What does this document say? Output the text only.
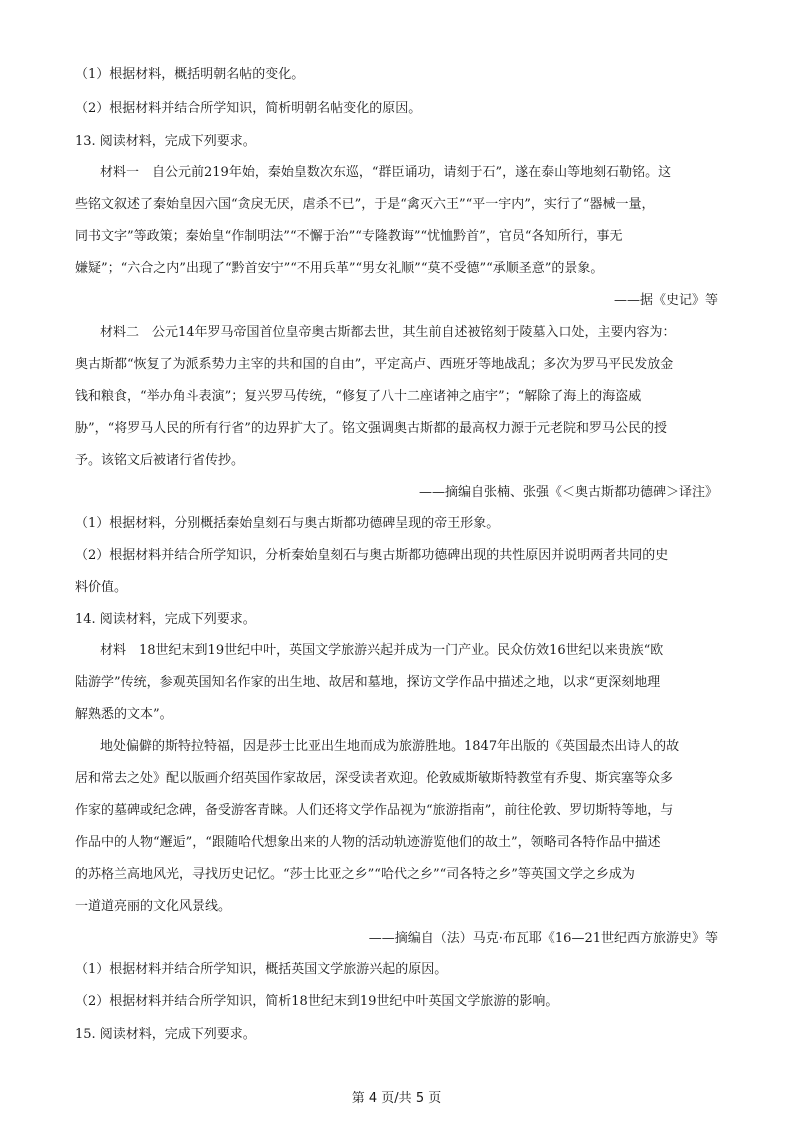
（1）根据材料，概括明朝名帖的变化。
（2）根据材料并结合所学知识，简析明朝名帖变化的原因。
13. 阅读材料，完成下列要求。
材料一　自公元前219年始，秦始皇数次东巡，“群臣诵功，请刻于石”，遂在泰山等地刻石勒铭。这
些铭文叙述了秦始皇因六国“贪戾无厌，虐杀不已”，于是“禽灭六王”“平一宇内”，实行了“器械一量，
同书文字”等政策；秦始皇“作制明法”“不懈于治”“专隆教诲”“忧恤黔首”，官员“各知所行，事无
嫌疑”；“六合之内”出现了“黔首安宁”“不用兵革”“男女礼顺”“莫不受德”“承顺圣意”的景象。
——据《史记》等
材料二　公元14年罗马帝国首位皇帝奥古斯都去世，其生前自述被铭刻于陵墓入口处，主要内容为：
奥古斯都“恢复了为派系势力主宰的共和国的自由”，平定高卢、西班牙等地战乱；多次为罗马平民发放金
钱和粮食，“举办角斗表演”；复兴罗马传统，“修复了八十二座诸神之庙宇”；“解除了海上的海盗威
胁”，“将罗马人民的所有行省”的边界扩大了。铭文强调奥古斯都的最高权力源于元老院和罗马公民的授
予。该铭文后被诸行省传抄。
——摘编自张楠、张强《＜奥古斯都功德碑＞译注》
（1）根据材料，分别概括秦始皇刻石与奥古斯都功德碑呈现的帝王形象。
（2）根据材料并结合所学知识，分析秦始皇刻石与奥古斯都功德碑出现的共性原因并说明两者共同的史
料价值。
14. 阅读材料，完成下列要求。
材料　18世纪末到19世纪中叶，英国文学旅游兴起并成为一门产业。民众仿效16世纪以来贵族“欧
陆游学”传统，参观英国知名作家的出生地、故居和墓地，探访文学作品中描述之地，以求“更深刻地理
解熟悉的文本”。
地处偏僻的斯特拉特福，因是莎士比亚出生地而成为旅游胜地。1847年出版的《英国最杰出诗人的故
居和常去之处》配以版画介绍英国作家故居，深受读者欢迎。伦敦威斯敏斯特教堂有乔叟、斯宾塞等众多
作家的墓碑或纪念碑，备受游客青睐。人们还将文学作品视为“旅游指南”，前往伦敦、罗切斯特等地，与
作品中的人物“邂逅”，“跟随哈代想象出来的人物的活动轨迹游览他们的故土”，领略司各特作品中描述
的苏格兰高地风光，寻找历史记忆。“莎士比亚之乡”“哈代之乡”“司各特之乡”等英国文学之乡成为
一道道亮丽的文化风景线。
——摘编自（法）马克·布瓦耶《16—21世纪西方旅游史》等
（1）根据材料并结合所学知识，概括英国文学旅游兴起的原因。
（2）根据材料并结合所学知识，简析18世纪末到19世纪中叶英国文学旅游的影响。
15. 阅读材料，完成下列要求。
第 4 页/共 5 页
